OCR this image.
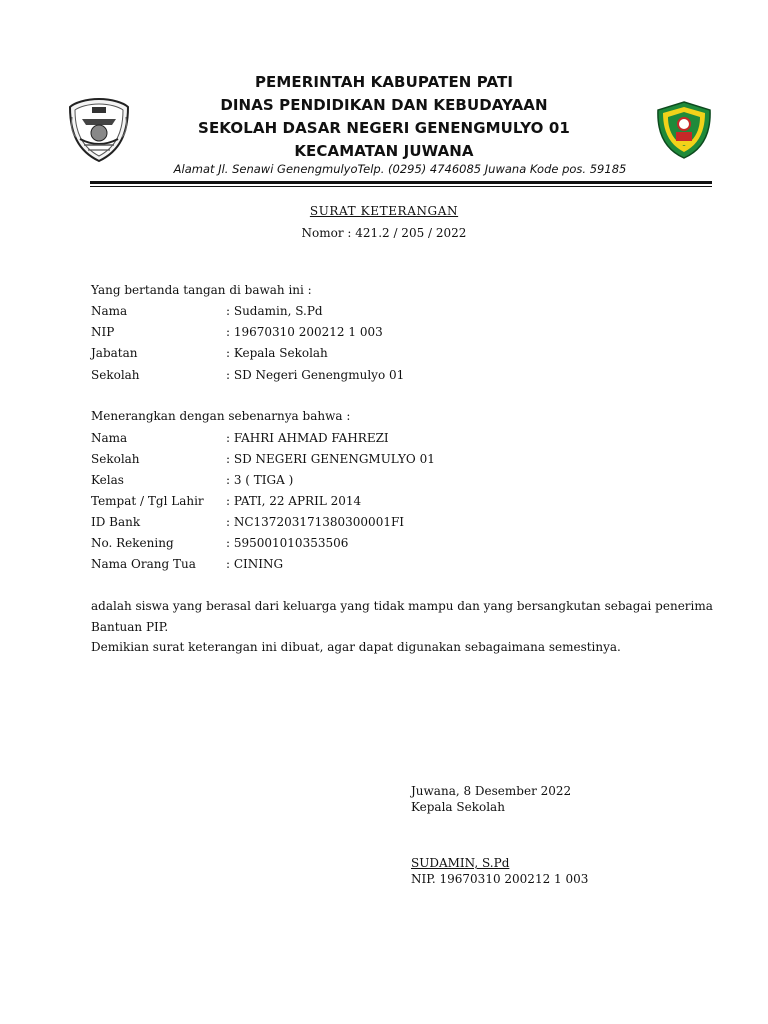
PEMERINTAH KABUPATEN PATI
DINAS PENDIDIKAN DAN KEBUDAYAAN
SEKOLAH DASAR NEGERI GENENGMULYO 01
KECAMATAN JUWANA
Alamat Jl. Senawi GenengmulyoTelp. (0295) 4746085 Juwana Kode pos. 59185
SURAT KETERANGAN
Nomor : 421.2 / 205 / 2022
Yang bertanda tangan di bawah ini :
Nama	: Sudamin, S.Pd
NIP	: 19670310 200212 1 003
Jabatan	: Kepala Sekolah
Sekolah	: SD Negeri Genengmulyo 01
Menerangkan dengan sebenarnya bahwa :
Nama	: FAHRI AHMAD FAHREZI
Sekolah	: SD NEGERI GENENGMULYO 01
Kelas	: 3 ( TIGA )
Tempat / Tgl Lahir : PATI, 22 APRIL 2014
ID Bank	: NC137203171380300001FI
No. Rekening	: 595001010353506
Nama Orang Tua	: CINING
adalah siswa yang berasal dari keluarga yang tidak mampu dan yang bersangkutan sebagai penerima
Bantuan PIP.
Demikian surat keterangan ini dibuat, agar dapat digunakan sebagaimana semestinya.
Juwana, 8 Desember 2022
Kepala Sekolah
SUDAMIN, S.Pd
NIP. 19670310 200212 1 003
